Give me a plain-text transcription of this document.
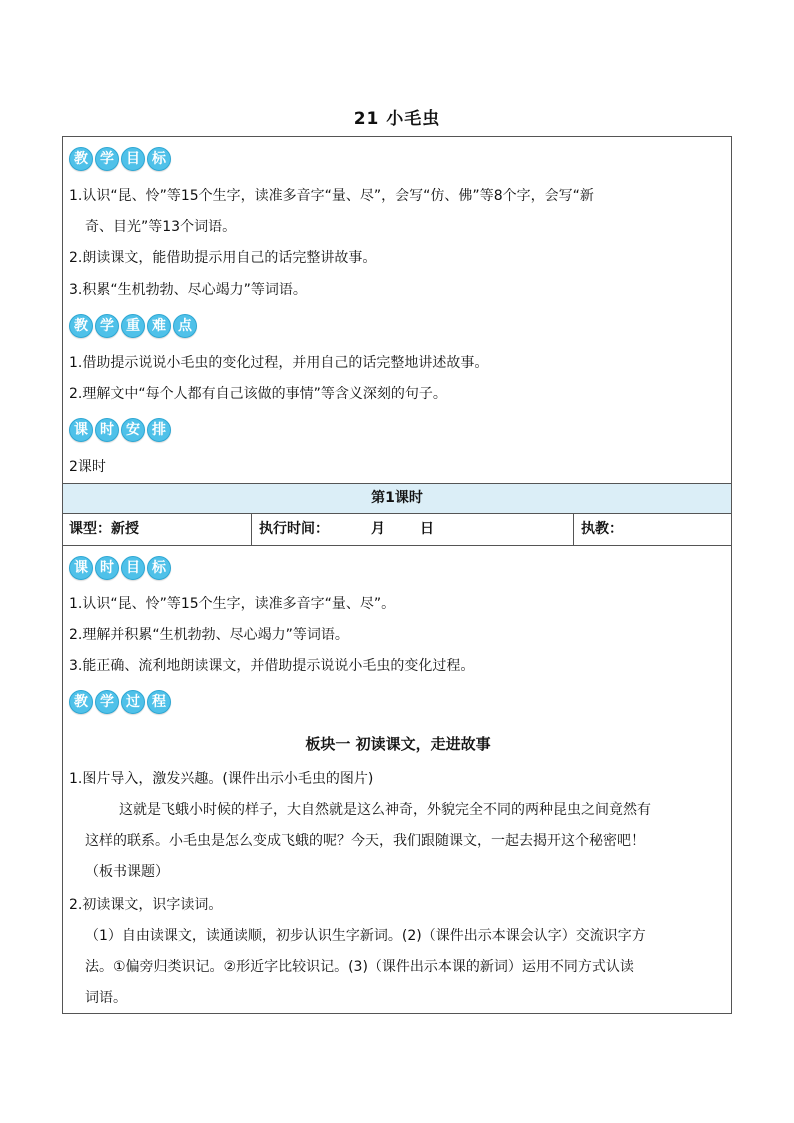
21 小毛虫
教 学 目 标
1.认识“昆、怜”等15个生字，读准多音字“量、尽”，会写“仿、佛”等8个字，会写“新
奇、目光”等13个词语。
2.朗读课文，能借助提示用自己的话完整讲故事。
3.积累“生机勃勃、尽心竭力”等词语。
教 学 重 难 点
1.借助提示说说小毛虫的变化过程，并用自己的话完整地讲述故事。
2.理解文中“每个人都有自己该做的事情”等含义深刻的句子。
课 时 安 排
2课时
第1课时
课型：新授	执行时间：	月	日	执教：
课 时 目 标
1.认识“昆、怜”等15个生字，读准多音字“量、尽”。
2.理解并积累“生机勃勃、尽心竭力”等词语。
3.能正确、流利地朗读课文，并借助提示说说小毛虫的变化过程。
教 学 过 程
板块一 初读课文，走进故事
1.图片导入，激发兴趣。(课件出示小毛虫的图片)
这就是飞蛾小时候的样子，大自然就是这么神奇，外貌完全不同的两种昆虫之间竟然有
这样的联系。小毛虫是怎么变成飞蛾的呢？今天，我们跟随课文，一起去揭开这个秘密吧！
（板书课题）
2.初读课文，识字读词。
（1）自由读课文，读通读顺，初步认识生字新词。(2)（课件出示本课会认字）交流识字方
法。①偏旁归类识记。②形近字比较识记。(3)（课件出示本课的新词）运用不同方式认读
词语。
